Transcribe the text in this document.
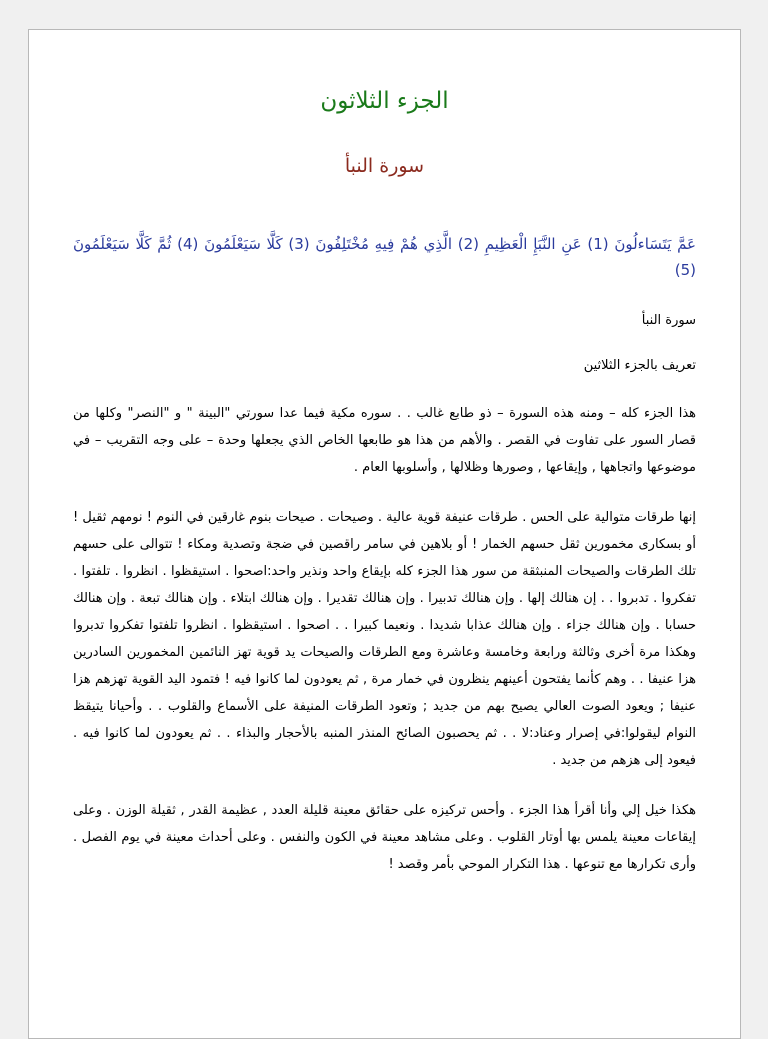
الجزء الثلاثون
سورة النبأ
عَمَّ يَتَسَاءلُونَ (1) عَنِ النَّبَإِ الْعَظِيمِ (2) الَّذِي هُمْ فِيهِ مُخْتَلِفُونَ (3) كَلَّا سَيَعْلَمُونَ (4) ثُمَّ كَلَّا سَيَعْلَمُونَ (5)
سورة النبأ
تعريف بالجزء الثلاثين

هذا الجزء كله – ومنه هذه السورة – ذو طابع غالب . . سوره مكية فيما عدا سورتي "البينة " و "النصر" وكلها من قصار السور على تفاوت في القصر . والأهم من هذا هو طابعها الخاص الذي يجعلها وحدة – على وجه التقريب – في موضوعها واتجاهها , وإيقاعها , وصورها وظلالها , وأسلوبها العام .

إنها طرقات متوالية على الحس . طرقات عنيفة قوية عالية . وصيحات . صيحات بنوم غارقين في النوم ! نومهم ثقيل ! أو بسكارى مخمورين ثقل حسهم الخمار ! أو بلاهين في سامر راقصين في ضجة وتصدية ومكاء ! تتوالى على حسهم تلك الطرقات والصيحات المنبثقة من سور هذا الجزء كله بإيقاع واحد ونذير واحد:اصحوا . استيقظوا . انظروا . تلفتوا . تفكروا . تدبروا . . إن هنالك إلها . وإن هنالك تدبيرا . وإن هنالك تقديرا . وإن هنالك ابتلاء . وإن هنالك تبعة . وإن هنالك حسابا . وإن هنالك جزاء . وإن هنالك عذابا شديدا . ونعيما كبيرا . . اصحوا . استيقظوا . انظروا تلفتوا تفكروا تدبروا وهكذا مرة أخرى وثالثة ورابعة وخامسة وعاشرة ومع الطرقات والصيحات يد قوية تهز النائمين المخمورين السادرين هزا عنيفا . . وهم كأنما يفتحون أعينهم ينظرون في خمار مرة , ثم يعودون لما كانوا فيه ! فتمود اليد القوية تهزهم هزا عنيفا ; ويعود الصوت العالي يصيح بهم من جديد ; وتعود الطرقات المنيفة على الأسماع والقلوب . . وأحيانا يتيقظ النوام ليقولوا:في إصرار وعناد:لا . . ثم يحصبون الصائح المنذر المنبه بالأحجار والبذاء . . ثم يعودون لما كانوا فيه . فيعود إلى هزهم من جديد .

هكذا خيل إلي وأنا أقرأ هذا الجزء . وأحس تركيزه على حقائق معينة قليلة العدد , عظيمة القدر , ثقيلة الوزن . وعلى إيقاعات معينة يلمس بها أوتار القلوب . وعلى مشاهد معينة في الكون والنفس . وعلى أحداث معينة في يوم الفصل . وأرى تكرارها مع تنوعها . هذا التكرار الموحي بأمر وقصد !
